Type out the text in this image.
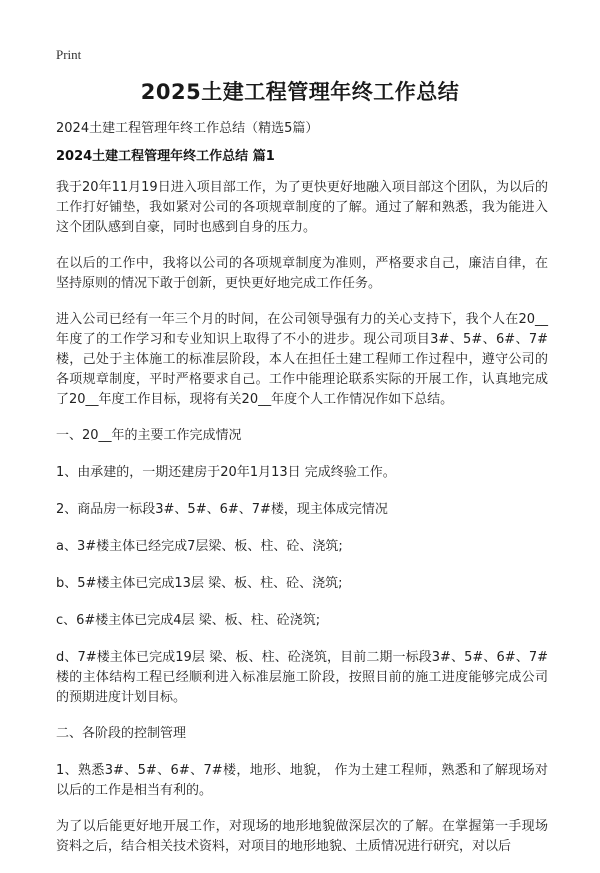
Print
2025土建工程管理年终工作总结
2024土建工程管理年终工作总结（精选5篇）
2024土建工程管理年终工作总结 篇1

我于20年11月19日进入项目部工作，为了更快更好地融入项目部这个团队，为以后的工作打好铺垫，我如紧对公司的各项规章制度的了解。通过了解和熟悉，我为能进入这个团队感到自豪，同时也感到自身的压力。

在以后的工作中，我将以公司的各项规章制度为准则，严格要求自己，廉洁自律，在坚持原则的情况下敢于创新，更快更好地完成工作任务。

进入公司已经有一年三个月的时间，在公司领导强有力的关心支持下，我个人在20__年度了的工作学习和专业知识上取得了不小的进步。现公司项目3#、5#、6#、7#楼，己处于主体施工的标准层阶段，本人在担任土建工程师工作过程中，遵守公司的各项规章制度，平时严格要求自己。工作中能理论联系实际的开展工作，认真地完成了20__年度工作目标，现将有关20__年度个人工作情况作如下总结。

一、20__年的主要工作完成情况

1、由承建的，一期还建房于20年1月13日 完成终验工作。

2、商品房一标段3#、5#、6#、7#楼，现主体成完情况

a、3#楼主体已经完成7层梁、板、柱、砼、浇筑;

b、5#楼主体已完成13层 梁、板、柱、砼、浇筑;

c、6#楼主体已完成4层 梁、板、柱、砼浇筑;

d、7#楼主体已完成19层 梁、板、柱、砼浇筑，目前二期一标段3#、5#、6#、7#楼的主体结构工程已经顺利进入标准层施工阶段，按照目前的施工进度能够完成公司的预期进度计划目标。

二、各阶段的控制管理

1、熟悉3#、5#、6#、7#楼，地形、地貌， 作为土建工程师，熟悉和了解现场对以后的工作是相当有利的。

为了以后能更好地开展工作，对现场的地形地貌做深层次的了解。在掌握第一手现场资料之后，结合相关技术资料，对项目的地形地貌、土质情况进行研究，对以后
